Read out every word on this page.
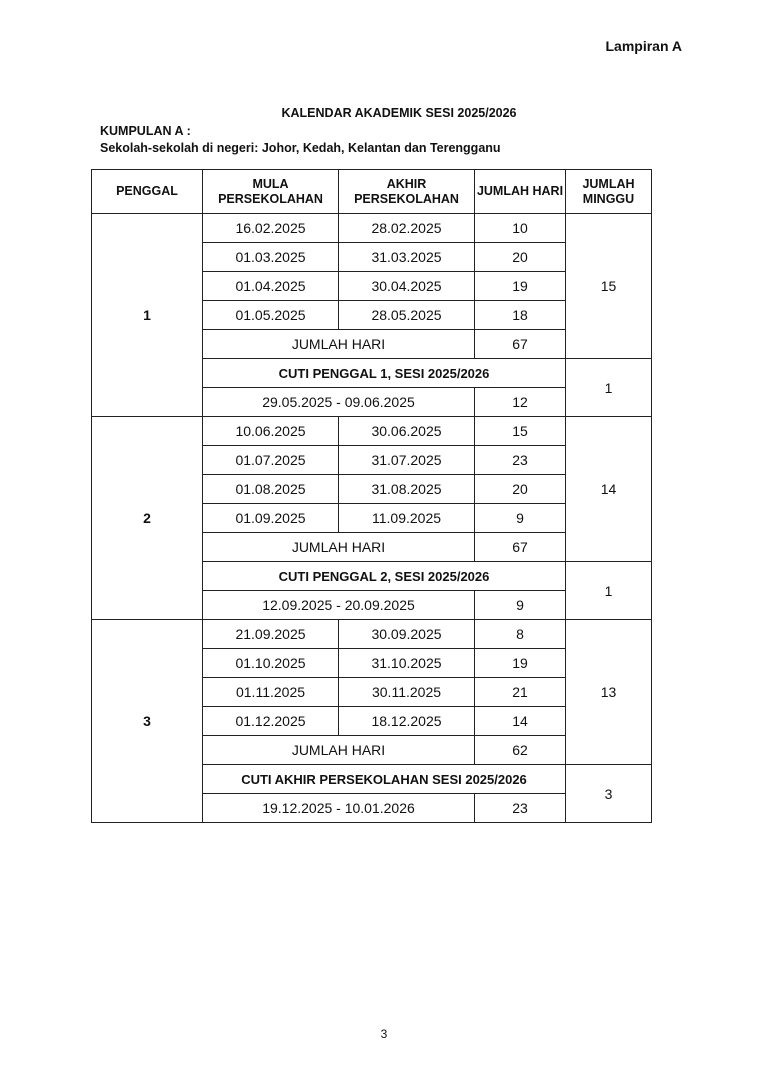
Lampiran A
KALENDAR AKADEMIK SESI 2025/2026
KUMPULAN A :
Sekolah-sekolah di negeri: Johor, Kedah, Kelantan dan Terengganu
PENGGAL	MULA PERSEKOLAHAN	AKHIR PERSEKOLAHAN	JUMLAH HARI	JUMLAH MINGGU
1	16.02.2025	28.02.2025	10	15
	01.03.2025	31.03.2025	20	
	01.04.2025	30.04.2025	19	
	01.05.2025	28.05.2025	18	
	JUMLAH HARI		67	
	CUTI PENGGAL 1, SESI 2025/2026			1
	29.05.2025 - 09.06.2025		12	
2	10.06.2025	30.06.2025	15	14
	01.07.2025	31.07.2025	23	
	01.08.2025	31.08.2025	20	
	01.09.2025	11.09.2025	9	
	JUMLAH HARI		67	
	CUTI PENGGAL 2, SESI 2025/2026			1
	12.09.2025 - 20.09.2025		9	
3	21.09.2025	30.09.2025	8	13
	01.10.2025	31.10.2025	19	
	01.11.2025	30.11.2025	21	
	01.12.2025	18.12.2025	14	
	JUMLAH HARI		62	
	CUTI AKHIR PERSEKOLAHAN SESI 2025/2026			3
	19.12.2025 - 10.01.2026		23	
3
